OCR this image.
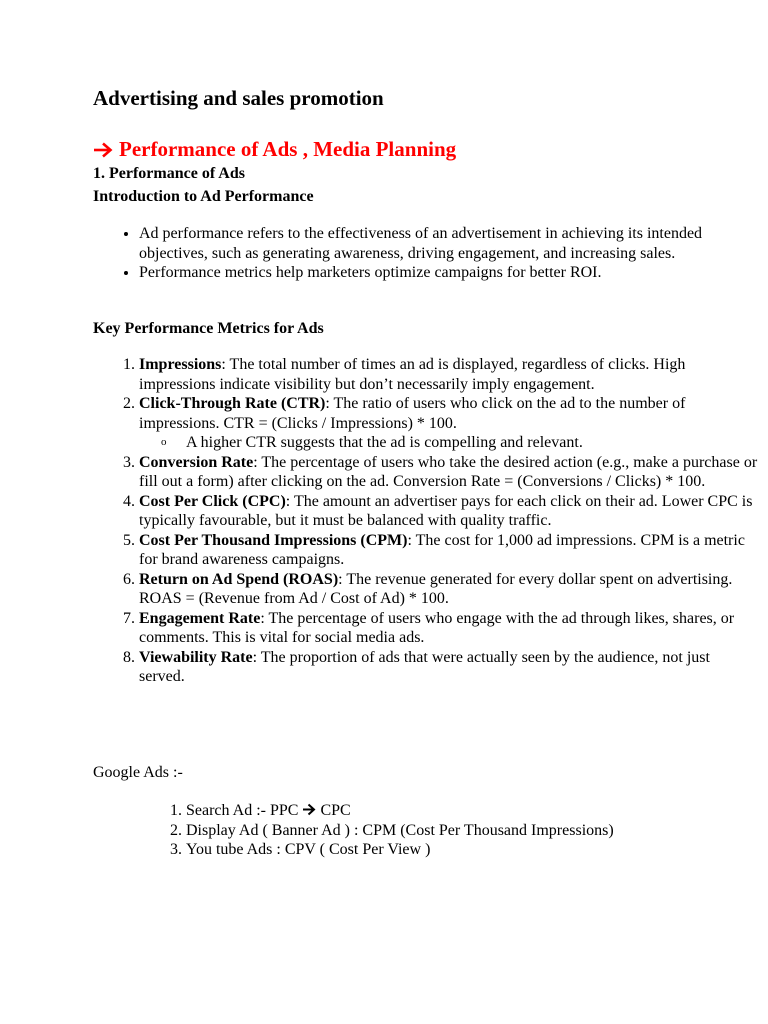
Advertising and sales promotion
Performance of Ads , Media Planning

1. Performance of Ads

Introduction to Ad Performance

• Ad performance refers to the effectiveness of an advertisement in achieving its intended objectives, such as generating awareness, driving engagement, and increasing sales.
• Performance metrics help marketers optimize campaigns for better ROI.

Key Performance Metrics for Ads

1. Impressions: The total number of times an ad is displayed, regardless of clicks. High impressions indicate visibility but don’t necessarily imply engagement.
2. Click-Through Rate (CTR): The ratio of users who click on the ad to the number of impressions. CTR = (Clicks / Impressions) * 100.
o A higher CTR suggests that the ad is compelling and relevant.
3. Conversion Rate: The percentage of users who take the desired action (e.g., make a purchase or fill out a form) after clicking on the ad. Conversion Rate = (Conversions / Clicks) * 100.
4. Cost Per Click (CPC): The amount an advertiser pays for each click on their ad. Lower CPC is typically favourable, but it must be balanced with quality traffic.
5. Cost Per Thousand Impressions (CPM): The cost for 1,000 ad impressions. CPM is a metric for brand awareness campaigns.
6. Return on Ad Spend (ROAS): The revenue generated for every dollar spent on advertising. ROAS = (Revenue from Ad / Cost of Ad) * 100.
7. Engagement Rate: The percentage of users who engage with the ad through likes, shares, or comments. This is vital for social media ads.
8. Viewability Rate: The proportion of ads that were actually seen by the audience, not just served.

Google Ads :-

1. Search Ad :- PPC CPC
2. Display Ad ( Banner Ad ) : CPM (Cost Per Thousand Impressions)
3. You tube Ads : CPV ( Cost Per View )
